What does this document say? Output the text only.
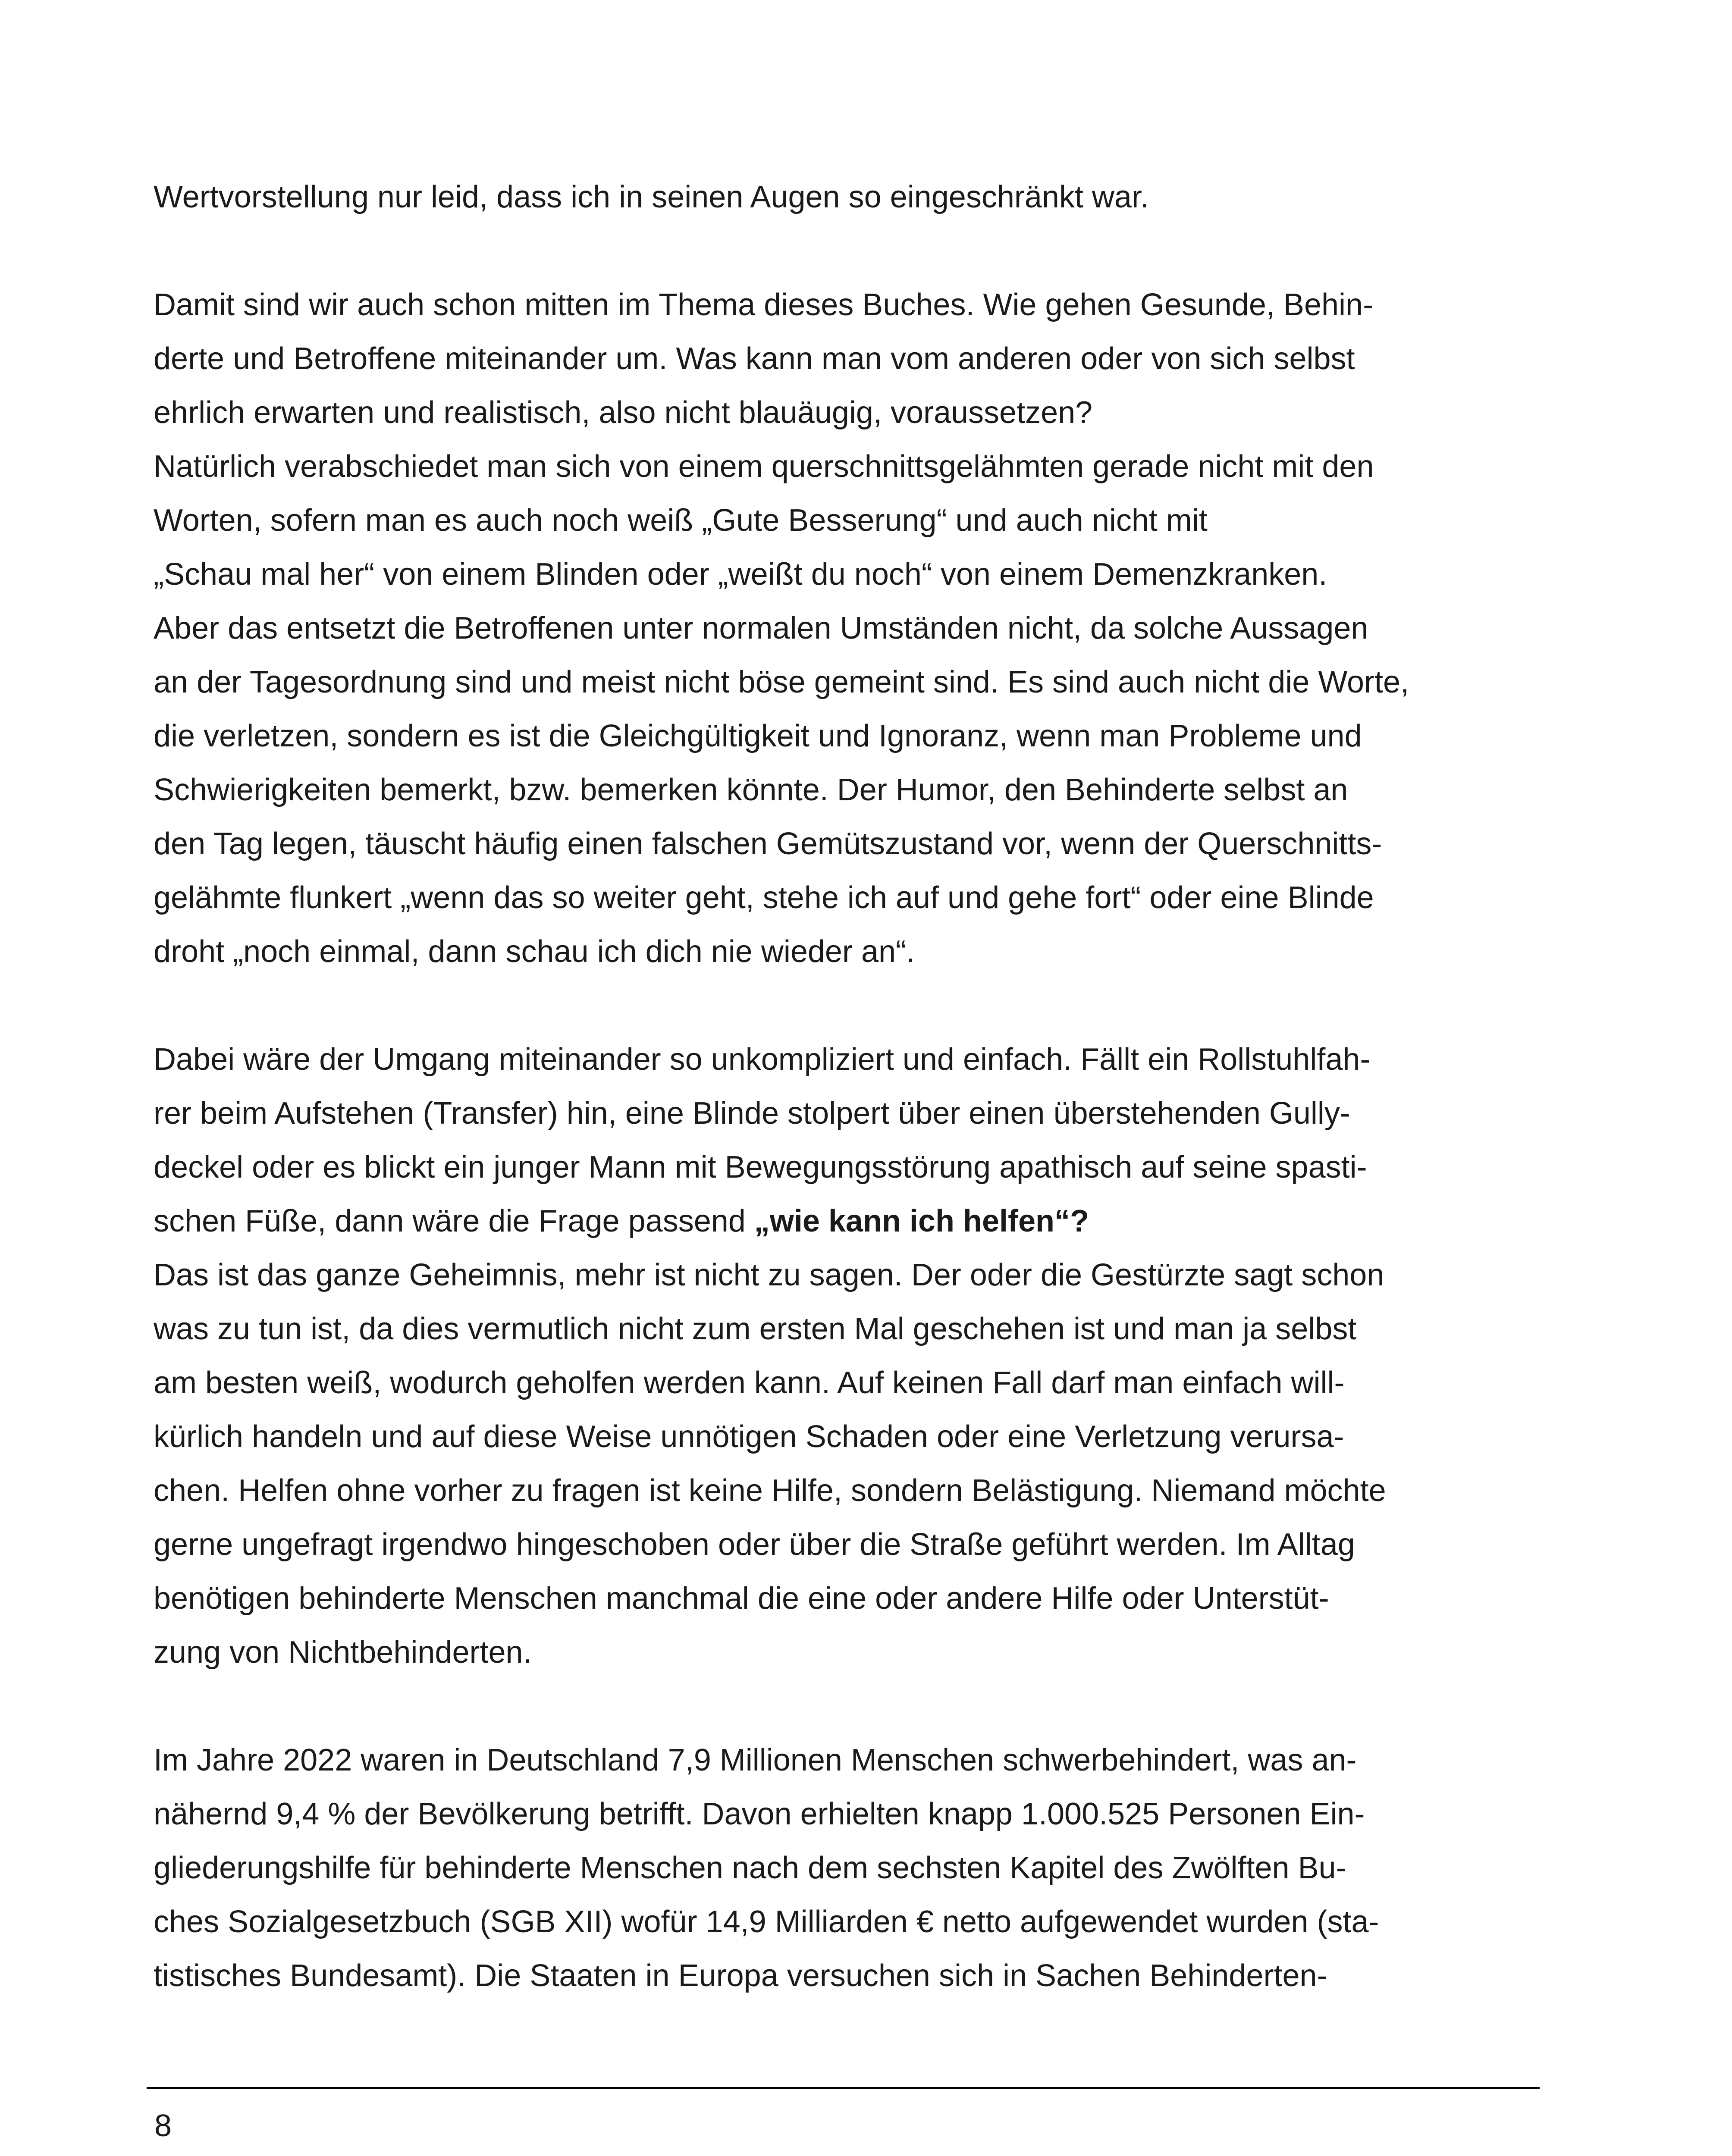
Wertvorstellung nur leid, dass ich in seinen Augen so eingeschränkt war.
Damit sind wir auch schon mitten im Thema dieses Buches. Wie gehen Gesunde, Behin-
derte und Betroffene miteinander um. Was kann man vom anderen oder von sich selbst
ehrlich erwarten und realistisch, also nicht blauäugig, voraussetzen?
Natürlich verabschiedet man sich von einem querschnittsgelähmten gerade nicht mit den
Worten, sofern man es auch noch weiß „Gute Besserung“ und auch nicht mit
„Schau mal her“ von einem Blinden oder „weißt du noch“ von einem Demenzkranken.
Aber das entsetzt die Betroffenen unter normalen Umständen nicht, da solche Aussagen
an der Tagesordnung sind und meist nicht böse gemeint sind. Es sind auch nicht die Worte,
die verletzen, sondern es ist die Gleichgültigkeit und Ignoranz, wenn man Probleme und
Schwierigkeiten bemerkt, bzw. bemerken könnte. Der Humor, den Behinderte selbst an
den Tag legen, täuscht häufig einen falschen Gemütszustand vor, wenn der Querschnitts-
gelähmte flunkert „wenn das so weiter geht, stehe ich auf und gehe fort“ oder eine Blinde
droht „noch einmal, dann schau ich dich nie wieder an“.
Dabei wäre der Umgang miteinander so unkompliziert und einfach. Fällt ein Rollstuhlfah-
rer beim Aufstehen (Transfer) hin, eine Blinde stolpert über einen überstehenden Gully-
deckel oder es blickt ein junger Mann mit Bewegungsstörung apathisch auf seine spasti-
schen Füße, dann wäre die Frage passend „wie kann ich helfen“?
Das ist das ganze Geheimnis, mehr ist nicht zu sagen. Der oder die Gestürzte sagt schon
was zu tun ist, da dies vermutlich nicht zum ersten Mal geschehen ist und man ja selbst
am besten weiß, wodurch geholfen werden kann. Auf keinen Fall darf man einfach will-
kürlich handeln und auf diese Weise unnötigen Schaden oder eine Verletzung verursa-
chen. Helfen ohne vorher zu fragen ist keine Hilfe, sondern Belästigung. Niemand möchte
gerne ungefragt irgendwo hingeschoben oder über die Straße geführt werden. Im Alltag
benötigen behinderte Menschen manchmal die eine oder andere Hilfe oder Unterstüt-
zung von Nichtbehinderten.
Im Jahre 2022 waren in Deutschland 7,9 Millionen Menschen schwerbehindert, was an-
nähernd 9,4 % der Bevölkerung betrifft. Davon erhielten knapp 1.000.525 Personen Ein-
gliederungshilfe für behinderte Menschen nach dem sechsten Kapitel des Zwölften Bu-
ches Sozialgesetzbuch (SGB XII) wofür 14,9 Milliarden € netto aufgewendet wurden (sta-
tistisches Bundesamt). Die Staaten in Europa versuchen sich in Sachen Behinderten-
8
